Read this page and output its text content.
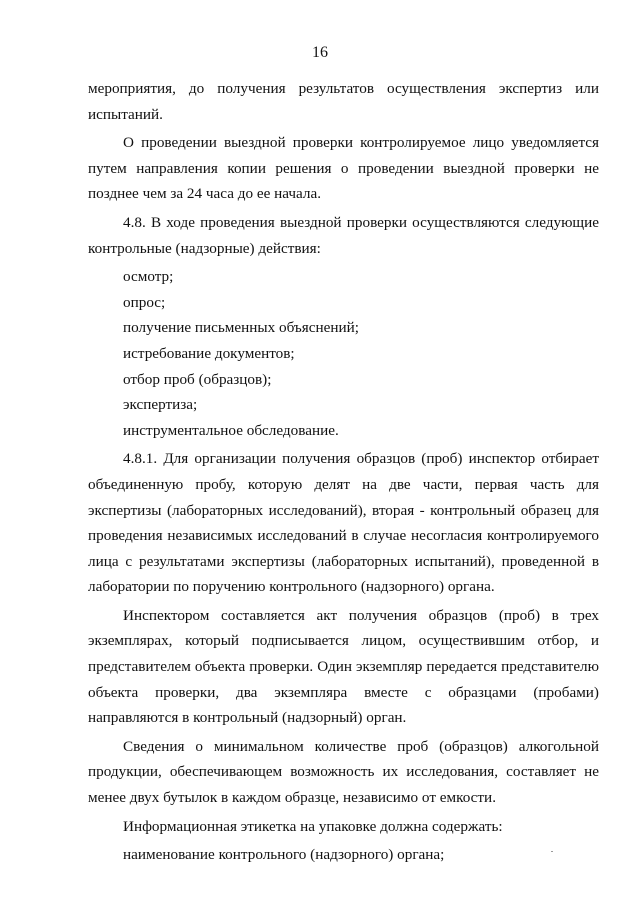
16

мероприятия, до получения результатов осуществления экспертиз или испытаний.

О проведении выездной проверки контролируемое лицо уведомляется путем направления копии решения о проведении выездной проверки не позднее чем за 24 часа до ее начала.

4.8. В ходе проведения выездной проверки осуществляются следующие контрольные (надзорные) действия:

осмотр;

опрос;

получение письменных объяснений;

истребование документов;

отбор проб (образцов);

экспертиза;

инструментальное обследование.

4.8.1. Для организации получения образцов (проб) инспектор отбирает объединенную пробу, которую делят на две части, первая часть для экспертизы (лабораторных исследований), вторая - контрольный образец для проведения независимых исследований в случае несогласия контролируемого лица с результатами экспертизы (лабораторных испытаний), проведенной в лаборатории по поручению контрольного (надзорного) органа.

Инспектором составляется акт получения образцов (проб) в трех экземплярах, который подписывается лицом, осуществившим отбор, и представителем объекта проверки. Один экземпляр передается представителю объекта проверки, два экземпляра вместе с образцами (пробами) направляются в контрольный (надзорный) орган.

Сведения о минимальном количестве проб (образцов) алкогольной продукции, обеспечивающем возможность их исследования, составляет не менее двух бутылок в каждом образце, независимо от емкости.

Информационная этикетка на упаковке должна содержать:

наименование контрольного (надзорного) органа;
